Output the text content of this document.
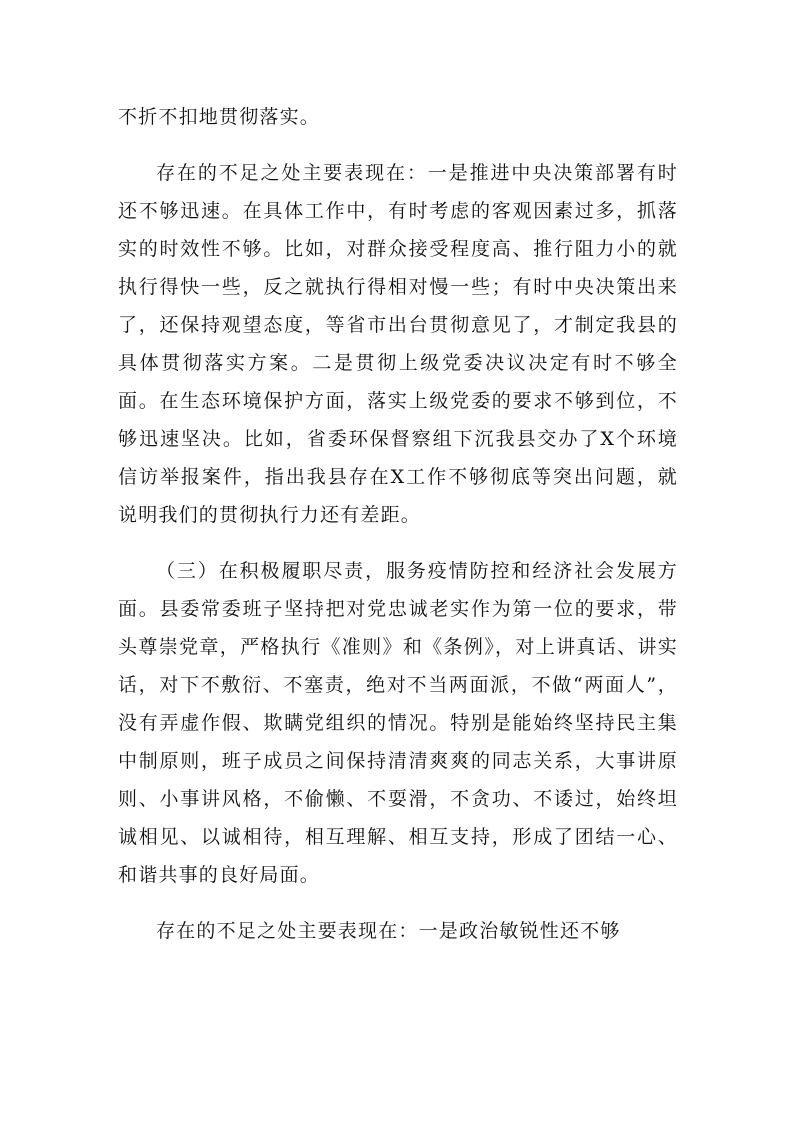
不折不扣地贯彻落实。

存在的不足之处主要表现在：一是推进中央决策部署有时还不够迅速。在具体工作中，有时考虑的客观因素过多，抓落实的时效性不够。比如，对群众接受程度高、推行阻力小的就执行得快一些，反之就执行得相对慢一些；有时中央决策出来了，还保持观望态度，等省市出台贯彻意见了，才制定我县的具体贯彻落实方案。二是贯彻上级党委决议决定有时不够全面。在生态环境保护方面，落实上级党委的要求不够到位，不够迅速坚决。比如，省委环保督察组下沉我县交办了X个环境信访举报案件，指出我县存在X工作不够彻底等突出问题，就说明我们的贯彻执行力还有差距。

（三）在积极履职尽责，服务疫情防控和经济社会发展方面。县委常委班子坚持把对党忠诚老实作为第一位的要求，带头尊崇党章，严格执行《准则》和《条例》，对上讲真话、讲实话，对下不敷衍、不塞责，绝对不当两面派，不做“两面人”，没有弄虚作假、欺瞒党组织的情况。特别是能始终坚持民主集中制原则，班子成员之间保持清清爽爽的同志关系，大事讲原则、小事讲风格，不偷懒、不耍滑，不贪功、不诿过，始终坦诚相见、以诚相待，相互理解、相互支持，形成了团结一心、和谐共事的良好局面。

存在的不足之处主要表现在：一是政治敏锐性还不够
